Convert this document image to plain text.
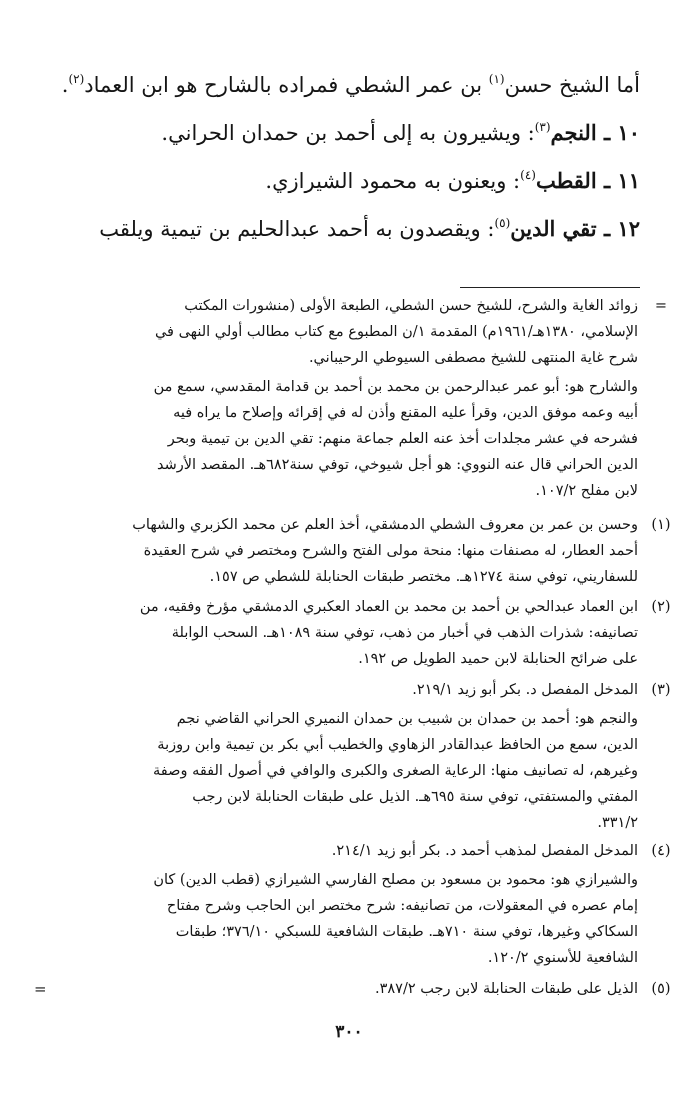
أما الشيخ حسن$^{(١)}$ بن عمر الشطي فمراده بالشارح هو ابن العماد$^{(٢)}$.
١٠ ـ النجم$^{(٣)}$: ويشيرون به إلى أحمد بن حمدان الحراني.
١١ ـ القطب$^{(٤)}$: ويعنون به محمود الشيرازي.
١٢ ـ تقي الدين$^{(٥)}$: ويقصدون به أحمد عبدالحليم بن تيمية ويلقب
=
زوائد الغاية والشرح، للشيخ حسن الشطي، الطبعة الأولى (منشورات المكتب
الإسلامي، ١٣٨٠هـ/١٩٦١م) المقدمة ١/ن المطبوع مع كتاب مطالب أولي النهى في
شرح غاية المنتهى للشيخ مصطفى السيوطي الرحيباني.
والشارح هو: أبو عمر عبدالرحمن بن محمد بن أحمد بن قدامة المقدسي، سمع من
أبيه وعمه موفق الدين، وقرأ عليه المقنع وأذن له في إقرائه وإصلاح ما يراه فيه
فشرحه في عشر مجلدات أخذ عنه العلم جماعة منهم: تقي الدين بن تيمية وبحر
الدين الحراني قال عنه النووي: هو أجل شيوخي، توفي سنة٦٨٢هـ. المقصد الأرشد
لابن مفلح ١٠٧/٢.
(١)
وحسن بن عمر بن معروف الشطي الدمشقي، أخذ العلم عن محمد الكزبري والشهاب
أحمد العطار، له مصنفات منها: منحة مولى الفتح والشرح ومختصر في شرح العقيدة
للسفاريني، توفي سنة ١٢٧٤هـ. مختصر طبقات الحنابلة للشطي ص ١٥٧.
(٢)
ابن العماد عبدالحي بن أحمد بن محمد بن العماد العكبري الدمشقي مؤرخ وفقيه، من
تصانيفه: شذرات الذهب في أخبار من ذهب، توفي سنة ١٠٨٩هـ. السحب الوابلة
على ضرائح الحنابلة لابن حميد الطويل ص ١٩٢.
(٣)
المدخل المفصل د. بكر أبو زيد ٢١٩/١.
والنجم هو: أحمد بن حمدان بن شبيب بن حمدان النميري الحراني القاضي نجم
الدين، سمع من الحافظ عبدالقادر الزهاوي والخطيب أبي بكر بن تيمية وابن روزبة
وغيرهم، له تصانيف منها: الرعاية الصغرى والكبرى والوافي في أصول الفقه وصفة
المفتي والمستفتي، توفي سنة ٦٩٥هـ. الذيل على طبقات الحنابلة لابن رجب
٣٣١/٢.
(٤)
المدخل المفصل لمذهب أحمد د. بكر أبو زيد ٢١٤/١.
والشيرازي هو: محمود بن مسعود بن مصلح الفارسي الشيرازي (قطب الدين) كان
إمام عصره في المعقولات، من تصانيفه: شرح مختصر ابن الحاجب وشرح مفتاح
السكاكي وغيرها، توفي سنة ٧١٠هـ. طبقات الشافعية للسبكي ٣٧٦/١٠؛ طبقات
الشافعية للأسنوي ١٢٠/٢.
(٥)
الذيل على طبقات الحنابلة لابن رجب ٣٨٧/٢.
=
٣٠٠
